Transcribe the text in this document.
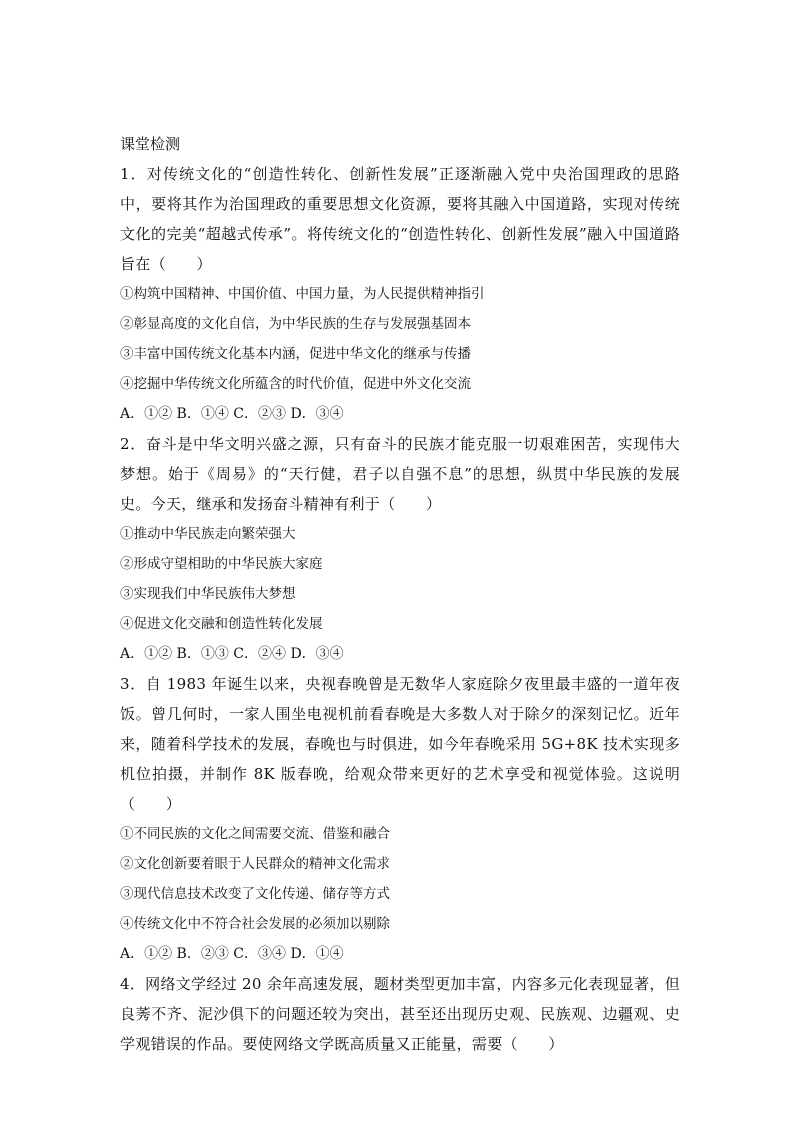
课堂检测
1．对传统文化的“创造性转化、创新性发展”正逐渐融入党中央治国理政的思路中，要将其作为治国理政的重要思想文化资源，要将其融入中国道路，实现对传统文化的完美“超越式传承”。将传统文化的“创造性转化、创新性发展”融入中国道路旨在（　　）
①构筑中国精神、中国价值、中国力量，为人民提供精神指引
②彰显高度的文化自信，为中华民族的生存与发展强基固本
③丰富中国传统文化基本内涵，促进中华文化的继承与传播
④挖掘中华传统文化所蕴含的时代价值，促进中外文化交流
A．①② B．①④ C．②③ D．③④
2．奋斗是中华文明兴盛之源，只有奋斗的民族才能克服一切艰难困苦，实现伟大梦想。始于《周易》的“天行健，君子以自强不息”的思想，纵贯中华民族的发展史。今天，继承和发扬奋斗精神有利于（　　）
①推动中华民族走向繁荣强大
②形成守望相助的中华民族大家庭
③实现我们中华民族伟大梦想
④促进文化交融和创造性转化发展
A．①② B．①③ C．②④ D．③④
3．自 1983 年诞生以来，央视春晚曾是无数华人家庭除夕夜里最丰盛的一道年夜饭。曾几何时，一家人围坐电视机前看春晚是大多数人对于除夕的深刻记忆。近年来，随着科学技术的发展，春晚也与时俱进，如今年春晚采用 5G+8K 技术实现多机位拍摄，并制作 8K 版春晚，给观众带来更好的艺术享受和视觉体验。这说明（　　）
①不同民族的文化之间需要交流、借鉴和融合
②文化创新要着眼于人民群众的精神文化需求
③现代信息技术改变了文化传递、储存等方式
④传统文化中不符合社会发展的必须加以剔除
A．①② B．②③ C．③④ D．①④
4．网络文学经过 20 余年高速发展，题材类型更加丰富，内容多元化表现显著，但良莠不齐、泥沙俱下的问题还较为突出，甚至还出现历史观、民族观、边疆观、史学观错误的作品。要使网络文学既高质量又正能量，需要（　　）
